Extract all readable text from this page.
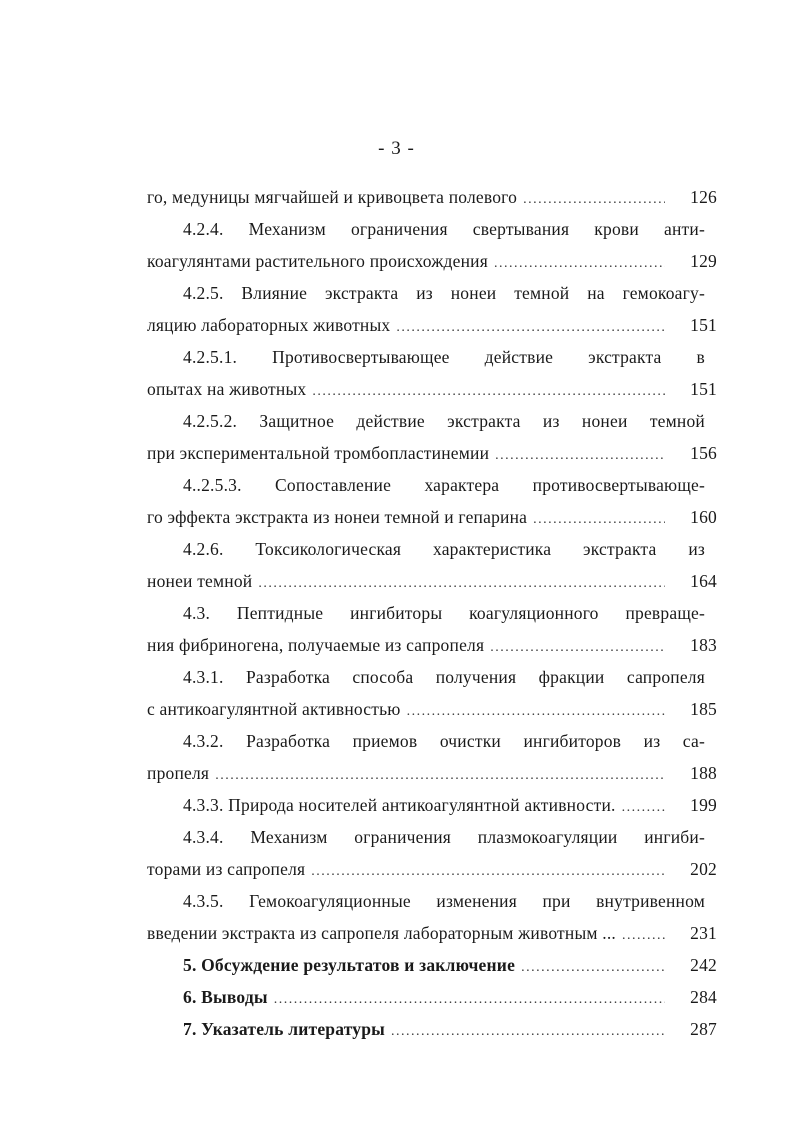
- 3 -
го, медуницы мягчайшей и кривоцвета полевого .....	126
4.2.4. Механизм ограничения свертывания крови анти-
коагулянтами растительного происхождения .....	129
4.2.5. Влияние экстракта из нонеи темной на гемокоагу-
ляцию лабораторных животных .....	151
4.2.5.1. Противосвертывающее действие экстракта в
опытах на животных .....	151
4.2.5.2. Защитное действие экстракта из нонеи темной
при экспериментальной тромбопластинемии .....	156
4..2.5.3. Сопоставление характера противосвертывающе-
го эффекта экстракта из нонеи темной и гепарина .....	160
4.2.6. Токсикологическая характеристика экстракта из
нонеи темной .....	164
4.3. Пептидные ингибиторы коагуляционного превраще-
ния фибриногена, получаемые из сапропеля .....	183
4.3.1. Разработка способа получения фракции сапропеля
с антикоагулянтной активностью .....	185
4.3.2. Разработка приемов очистки ингибиторов из са-
пропеля .....	188
4.3.3. Природа носителей антикоагулянтной активности. .....	199
4.3.4. Механизм ограничения плазмокоагуляции ингиби-
торами из сапропеля .....	202
4.3.5. Гемокоагуляционные изменения при внутривенном
введении экстракта из сапропеля лабораторным животным ... .....	231
5. Обсуждение результатов и заключение .....	242
6. Выводы .....	284
7. Указатель литературы .....	287
